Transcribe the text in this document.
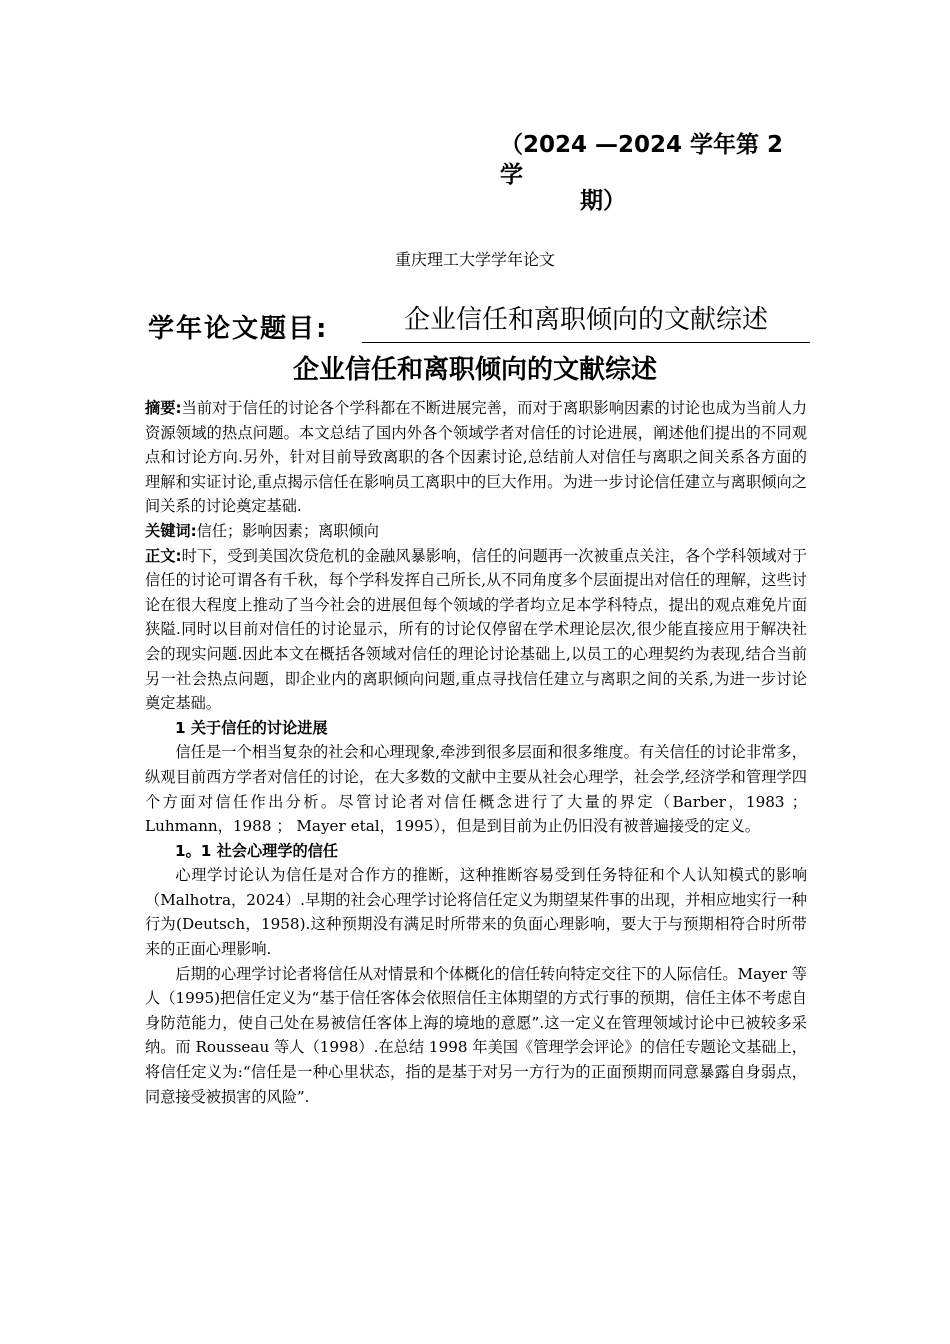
（2024 —2024 学年第 2 学
期）
重庆理工大学学年论文
学年论文题目:	企业信任和离职倾向的文献综述
企业信任和离职倾向的文献综述

摘要:当前对于信任的讨论各个学科都在不断进展完善，而对于离职影响因素的讨论也成为当前人力资源领域的热点问题。本文总结了国内外各个领域学者对信任的讨论进展，阐述他们提出的不同观点和讨论方向.另外，针对目前导致离职的各个因素讨论,总结前人对信任与离职之间关系各方面的理解和实证讨论,重点揭示信任在影响员工离职中的巨大作用。为进一步讨论信任建立与离职倾向之间关系的讨论奠定基础.

关键词:信任；影响因素；离职倾向

正文:时下，受到美国次贷危机的金融风暴影响，信任的问题再一次被重点关注，各个学科领域对于信任的讨论可谓各有千秋，每个学科发挥自己所长,从不同角度多个层面提出对信任的理解，这些讨论在很大程度上推动了当今社会的进展但每个领域的学者均立足本学科特点，提出的观点难免片面狭隘.同时以目前对信任的讨论显示，所有的讨论仅停留在学术理论层次,很少能直接应用于解决社会的现实问题.因此本文在概括各领域对信任的理论讨论基础上,以员工的心理契约为表现,结合当前另一社会热点问题，即企业内的离职倾向问题,重点寻找信任建立与离职之间的关系,为进一步讨论奠定基础。

1 关于信任的讨论进展

信任是一个相当复杂的社会和心理现象,牵涉到很多层面和很多维度。有关信任的讨论非常多，纵观目前西方学者对信任的讨论，在大多数的文献中主要从社会心理学，社会学,经济学和管理学四个方面对信任作出分析。尽管讨论者对信任概念进行了大量的界定（Barber，1983 ； Luhmann，1988 ； Mayer etal，1995），但是到目前为止仍旧没有被普遍接受的定义。

1。1 社会心理学的信任

心理学讨论认为信任是对合作方的推断，这种推断容易受到任务特征和个人认知模式的影响（Malhotra，2024）.早期的社会心理学讨论将信任定义为期望某件事的出现，并相应地实行一种行为(Deutsch，1958).这种预期没有满足时所带来的负面心理影响，要大于与预期相符合时所带来的正面心理影响.

后期的心理学讨论者将信任从对情景和个体概化的信任转向特定交往下的人际信任。Mayer 等人（1995)把信任定义为“基于信任客体会依照信任主体期望的方式行事的预期，信任主体不考虑自身防范能力，使自己处在易被信任客体上海的境地的意愿”.这一定义在管理领域讨论中已被较多采纳。而 Rousseau 等人（1998）.在总结 1998 年美国《管理学会评论》的信任专题论文基础上，将信任定义为:“信任是一种心里状态，指的是基于对另一方行为的正面预期而同意暴露自身弱点，同意接受被损害的风险”.
